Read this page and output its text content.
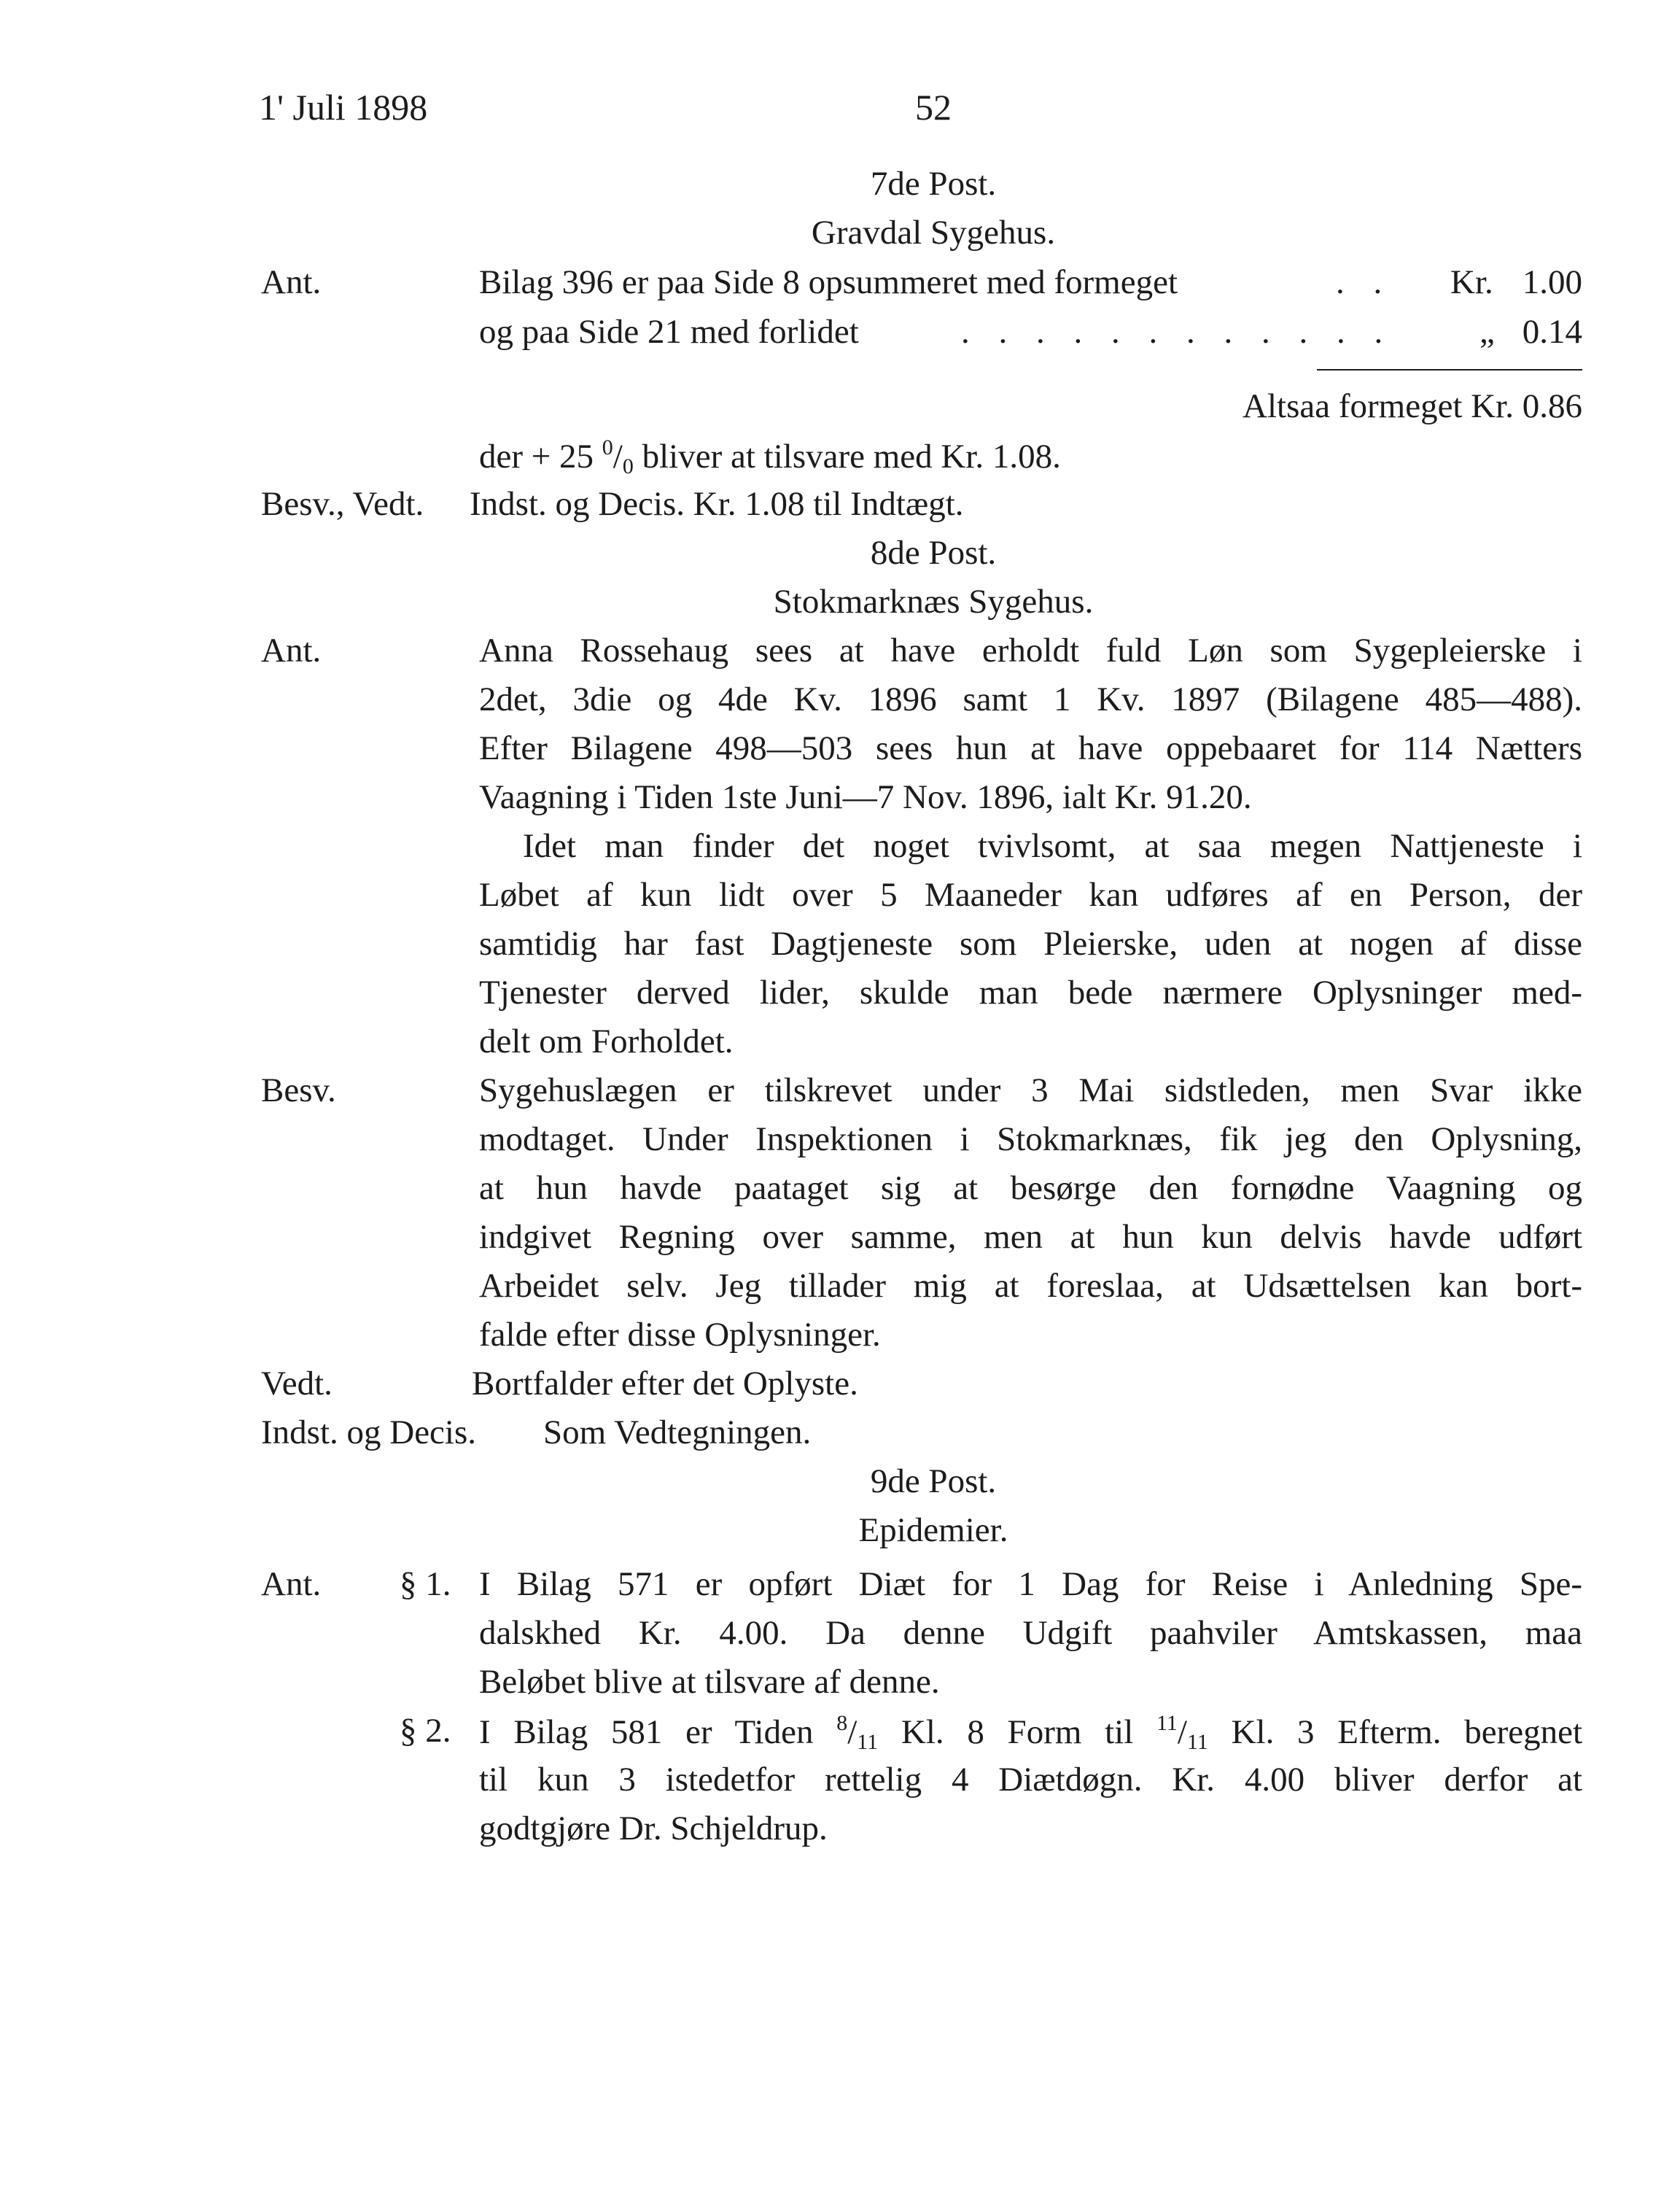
1' Juli 1898	52
7de Post.
Gravdal Sygehus.
Ant.	Bilag 396 er paa Side 8 opsummeret med formeget	. . Kr. 1.00
og paa Side 21 med forlidet	. . . . . . . . . . . .	„ 0.14
Altsaa formeget Kr. 0.86
der + 25 $^0/_0$ bliver at tilsvare med Kr. 1.08.
Besv., Vedt. Indst. og Decis. Kr. 1.08 til Indtægt.
8de Post.
Stokmarknæs Sygehus.
Ant.	Anna Rossehaug sees at have erholdt fuld Løn som Sygepleierske i
2det, 3die og 4de Kv. 1896 samt 1 Kv. 1897 (Bilagene 485—488).
Efter Bilagene 498—503 sees hun at have oppebaaret for 114 Nætters
Vaagning i Tiden 1ste Juni—7 Nov. 1896, ialt Kr. 91.20.
Idet man finder det noget tvivlsomt, at saa megen Nattjeneste i
Løbet af kun lidt over 5 Maaneder kan udføres af en Person, der
samtidig har fast Dagtjeneste som Pleierske, uden at nogen af disse
Tjenester derved lider, skulde man bede nærmere Oplysninger med-
delt om Forholdet.
Besv.	Sygehuslægen er tilskrevet under 3 Mai sidstleden, men Svar ikke
modtaget. Under Inspektionen i Stokmarknæs, fik jeg den Oplysning,
at hun havde paataget sig at besørge den fornødne Vaagning og
indgivet Regning over samme, men at hun kun delvis havde udført
Arbeidet selv. Jeg tillader mig at foreslaa, at Udsættelsen kan bort-
falde efter disse Oplysninger.
Vedt.	Bortfalder efter det Oplyste.
Indst. og Decis. Som Vedtegningen.
9de Post.
Epidemier.
Ant. § 1. I Bilag 571 er opført Diæt for 1 Dag for Reise i Anledning Spe-
dalskhed Kr. 4.00. Da denne Udgift paahviler Amtskassen, maa
Beløbet blive at tilsvare af denne.
§ 2. I Bilag 581 er Tiden $^8/_{11}$ Kl. 8 Form til $^{11}/_{11}$ Kl. 3 Efterm. beregnet
til kun 3 istedetfor rettelig 4 Diætdøgn. Kr. 4.00 bliver derfor at
godtgjøre Dr. Schjeldrup.
